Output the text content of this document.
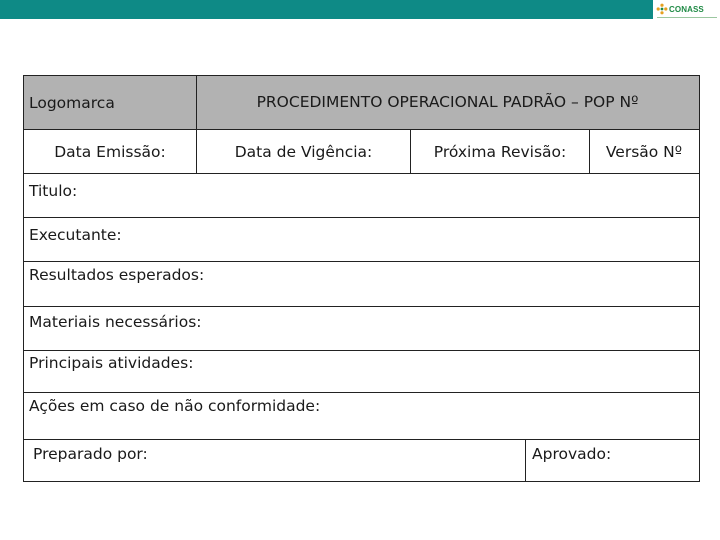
CONASS
Logomarca	PROCEDIMENTO OPERACIONAL PADRÃO – POP Nº
Data Emissão:	Data de Vigência:	Próxima Revisão:	Versão Nº
Titulo:
Executante:
Resultados esperados:
Materiais necessários:
Principais atividades:
Ações em caso de não conformidade:
Preparado por:	Aprovado:
